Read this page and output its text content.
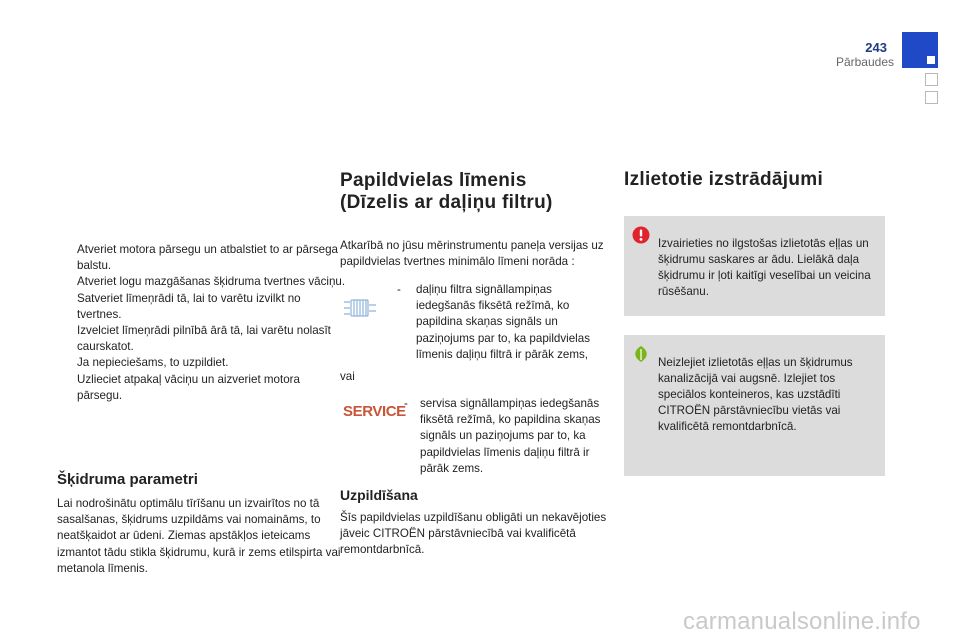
243
Pārbaudes
Atveriet motora pārsegu un atbalstiet to ar pārsega balstu.
Atveriet logu mazgāšanas šķidruma tvertnes vāciņu.
Satveriet līmeņrādi tā, lai to varētu izvilkt no tvertnes.
Izvelciet līmeņrādi pilnībā ārā tā, lai varētu nolasīt caurskatot.
Ja nepieciešams, to uzpildiet.
Uzlieciet atpakaļ vāciņu un aizveriet motora pārsegu.
Šķidruma parametri

Lai nodrošinātu optimālu tīrīšanu un izvairītos no tā sasalšanas, šķidrums uzpildāms vai nomaināms, to neatšķaidot ar ūdeni. Ziemas apstākļos ieteicams izmantot tādu stikla šķidrumu, kurā ir zems etilspirta vai metanola līmenis.

Papildvielas līmenis
(Dīzelis ar daļiņu filtru)

Atkarībā no jūsu mērinstrumentu paneļa versijas uz papildvielas tvertnes minimālo līmeni norāda :

- daļiņu filtra signāllampiņas iedegšanās fiksētā režīmā, ko papildina skaņas signāls un paziņojums par to, ka papildvielas līmenis daļiņu filtrā ir pārāk zems,

vai
SERVICE
- servisa signāllampiņas iedegšanās fiksētā režīmā, ko papildina skaņas signāls un paziņojums par to, ka papildvielas līmenis daļiņu filtrā ir pārāk zems.

Uzpildīšana

Šīs papildvielas uzpildīšanu obligāti un nekavējoties jāveic CITROËN pārstāvniecībā vai kvalificētā remontdarbnīcā.

Izlietotie izstrādājumi

Izvairieties no ilgstošas izlietotās eļļas un šķidrumu saskares ar ādu. Lielākā daļa šķidrumu ir ļoti kaitīgi veselībai un veicina rūsēšanu.

Neizlejiet izlietotās eļļas un šķidrumus kanalizācijā vai augsnē. Izlejiet tos speciālos konteineros, kas uzstādīti CITROËN pārstāvniecību vietās vai kvalificētā remontdarbnīcā.

carmanualsonline.info
